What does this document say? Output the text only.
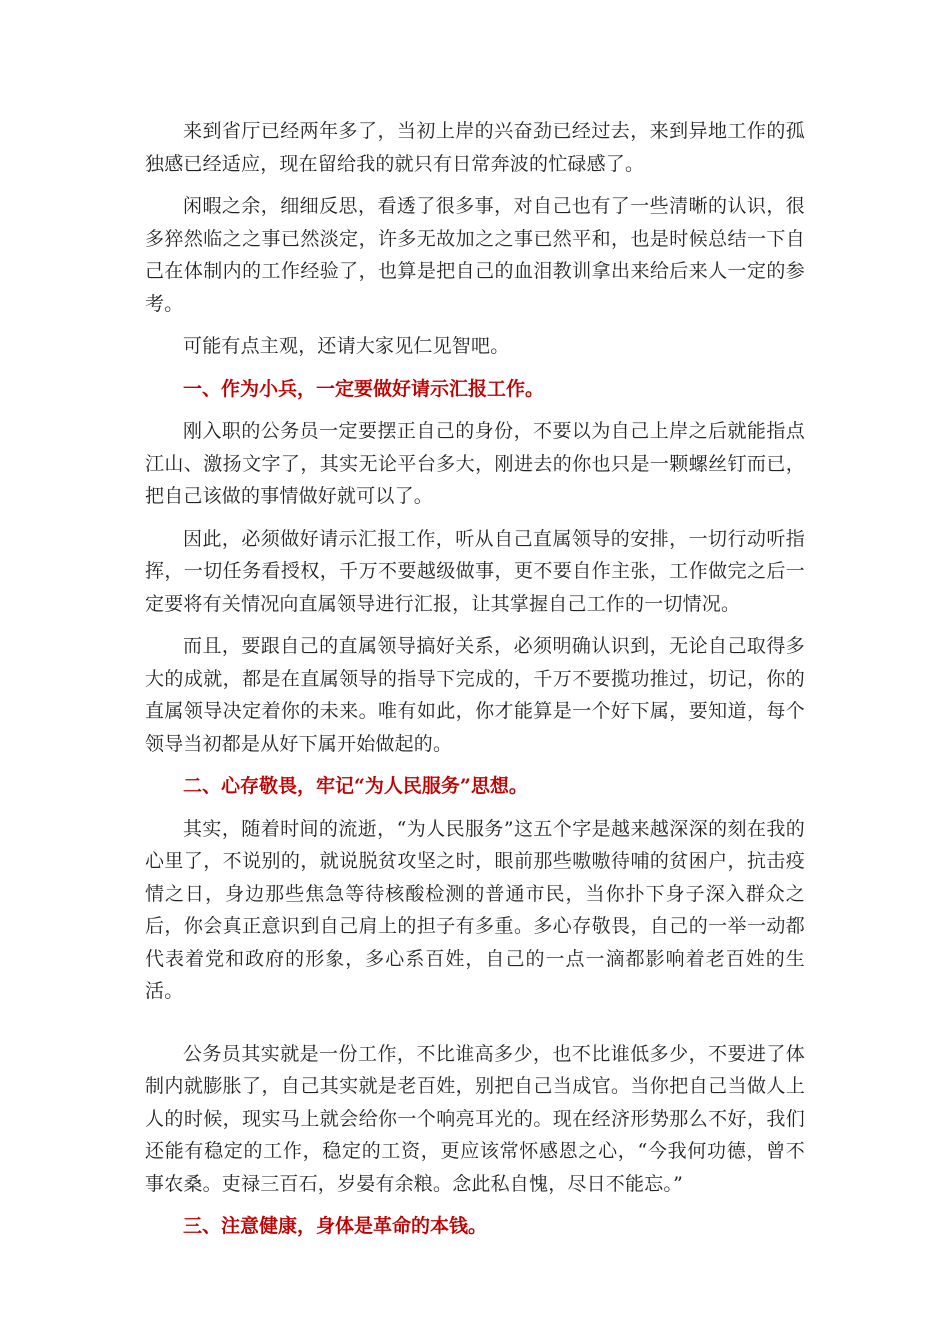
来到省厅已经两年多了，当初上岸的兴奋劲已经过去，来到异地工作的孤独感已经适应，现在留给我的就只有日常奔波的忙碌感了。

闲暇之余，细细反思，看透了很多事，对自己也有了一些清晰的认识，很多猝然临之之事已然淡定，许多无故加之之事已然平和，也是时候总结一下自己在体制内的工作经验了，也算是把自己的血泪教训拿出来给后来人一定的参考。

可能有点主观，还请大家见仁见智吧。

一、作为小兵，一定要做好请示汇报工作。

刚入职的公务员一定要摆正自己的身份，不要以为自己上岸之后就能指点江山、激扬文字了，其实无论平台多大，刚进去的你也只是一颗螺丝钉而已，把自己该做的事情做好就可以了。

因此，必须做好请示汇报工作，听从自己直属领导的安排，一切行动听指挥，一切任务看授权，千万不要越级做事，更不要自作主张，工作做完之后一定要将有关情况向直属领导进行汇报，让其掌握自己工作的一切情况。

而且，要跟自己的直属领导搞好关系，必须明确认识到，无论自己取得多大的成就，都是在直属领导的指导下完成的，千万不要揽功推过，切记，你的直属领导决定着你的未来。唯有如此，你才能算是一个好下属，要知道，每个领导当初都是从好下属开始做起的。

二、心存敬畏，牢记“为人民服务”思想。

其实，随着时间的流逝，“为人民服务”这五个字是越来越深深的刻在我的心里了，不说别的，就说脱贫攻坚之时，眼前那些嗷嗷待哺的贫困户，抗击疫情之日，身边那些焦急等待核酸检测的普通市民，当你扑下身子深入群众之后，你会真正意识到自己肩上的担子有多重。多心存敬畏，自己的一举一动都代表着党和政府的形象，多心系百姓，自己的一点一滴都影响着老百姓的生活。

公务员其实就是一份工作，不比谁高多少，也不比谁低多少，不要进了体制内就膨胀了，自己其实就是老百姓，别把自己当成官。当你把自己当做人上人的时候，现实马上就会给你一个响亮耳光的。现在经济形势那么不好，我们还能有稳定的工作，稳定的工资，更应该常怀感恩之心，“今我何功德，曾不事农桑。吏禄三百石，岁晏有余粮。念此私自愧，尽日不能忘。”

三、注意健康，身体是革命的本钱。
